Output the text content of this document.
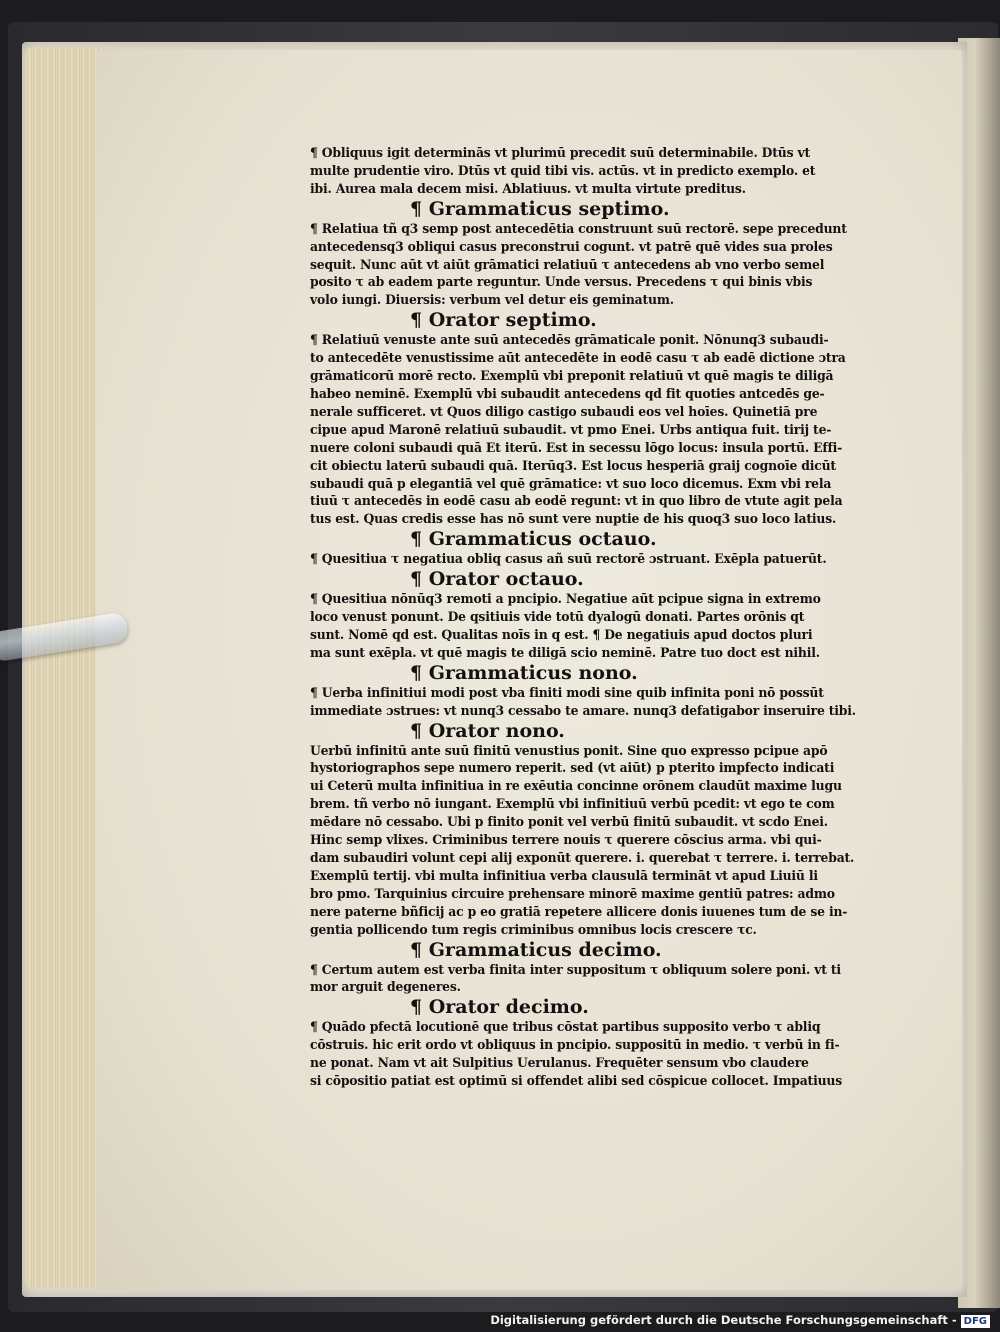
¶ Obliquus igit determinās vt plurimū precedit suū determinabile. Dtūs vt
multe prudentie viro. Dtūs vt quid tibi vis. actūs. vt in predicto exemplo. et
ibi. Aurea mala decem misi. Ablatiuus. vt multa virtute preditus.
¶ Grammaticus septimo.
¶ Relatiua tñ q3 semp post antecedētia construunt suū rectorē. sepe precedunt
antecedensq3 obliqui casus preconstrui cogunt. vt patrē quē vides sua proles
sequit. Nunc aūt vt aiūt grāmatici relatiuū τ antecedens ab vno verbo semel
posito τ ab eadem parte reguntur. Unde versus. Precedens τ qui binis vbis
volo iungi. Diuersis: verbum vel detur eis geminatum.
¶ Orator septimo.
¶ Relatiuū venuste ante suū antecedēs grāmaticale ponit. Nōnunq3 subaudi-
to antecedēte venustissime aūt antecedēte in eodē casu τ ab eadē dictione ɔtra
grāmaticorū morē recto. Exemplū vbi preponit relatiuū vt quē magis te diligā
habeo neminē. Exemplū vbi subaudit antecedens qd fit quoties antcedēs ge-
nerale sufficeret. vt Quos diligo castigo subaudi eos vel hoīes. Quinetiā pre
cipue apud Maronē relatiuū subaudit. vt pmo Enei. Urbs antiqua fuit. tirij te-
nuere coloni subaudi quā Et iterū. Est in secessu lōgo locus: insula portū. Effi-
cit obiectu laterū subaudi quā. Iterūq3. Est locus hesperiā graij cognoīe dicūt
subaudi quā p elegantiā vel quē grāmatice: vt suo loco dicemus. Exm vbi rela
tiuū τ antecedēs in eodē casu ab eodē regunt: vt in quo libro de vtute agit pela
tus est. Quas credis esse has nō sunt vere nuptie de his quoq3 suo loco latius.
¶ Grammaticus octauo.
¶ Quesitiua τ negatiua obliq casus añ suū rectorē ɔstruant. Exēpla patuerūt.
¶ Orator octauo.
¶ Quesitiua nōnūq3 remoti a pncipio. Negatiue aūt pcipue signa in extremo
loco venust ponunt. De qsitiuis vide totū dyalogū donati. Partes orōnis qt
sunt. Nomē qd est. Qualitas noīs in q est. ¶ De negatiuis apud doctos pluri
ma sunt exēpla. vt quē magis te diligā scio neminē. Patre tuo doct est nihil.
¶ Grammaticus nono.
¶ Uerba infinitiui modi post vba finiti modi sine quib infinita poni nō possūt
immediate ɔstrues: vt nunq3 cessabo te amare. nunq3 defatigabor inseruire tibi.
¶ Orator nono.
Uerbū infinitū ante suū finitū venustius ponit. Sine quo expresso pcipue apō
hystoriographos sepe numero reperit. sed (vt aiūt) p pterito impfecto indicati
ui Ceterū multa infinitiua in re exēutia concinne orōnem claudūt maxime lugu
brem. tñ verbo nō iungant. Exemplū vbi infinitiuū verbū pcedit: vt ego te com
mēdare nō cessabo. Ubi p finito ponit vel verbū finitū subaudit. vt scdo Enei.
Hinc semp vlixes. Criminibus terrere nouis τ querere cōscius arma. vbi qui-
dam subaudiri volunt cepi alij exponūt querere. i. querebat τ terrere. i. terrebat.
Exemplū tertij. vbi multa infinitiua verba clausulā termināt vt apud Liuiū li
bro pmo. Tarquinius circuire prehensare minorē maxime gentiū patres: admo
nere paterne bñficij ac p eo gratiā repetere allicere donis iuuenes tum de se in-
gentia pollicendo tum regis criminibus omnibus locis crescere τc.
¶ Grammaticus decimo.
¶ Certum autem est verba finita inter suppositum τ obliquum solere poni. vt ti
mor arguit degeneres.
¶ Orator decimo.
¶ Quādo pfectā locutionē que tribus cōstat partibus supposito verbo τ abliq
cōstruis. hic erit ordo vt obliquus in pncipio. suppositū in medio. τ verbū in fi-
ne ponat. Nam vt ait Sulpitius Uerulanus. Frequēter sensum vbo claudere
si cōpositio patiat est optimū si offendet alibi sed cōspicue collocet. Impatiuus
Digitalisierung gefördert durch die Deutsche Forschungsgemeinschaft - DFG
